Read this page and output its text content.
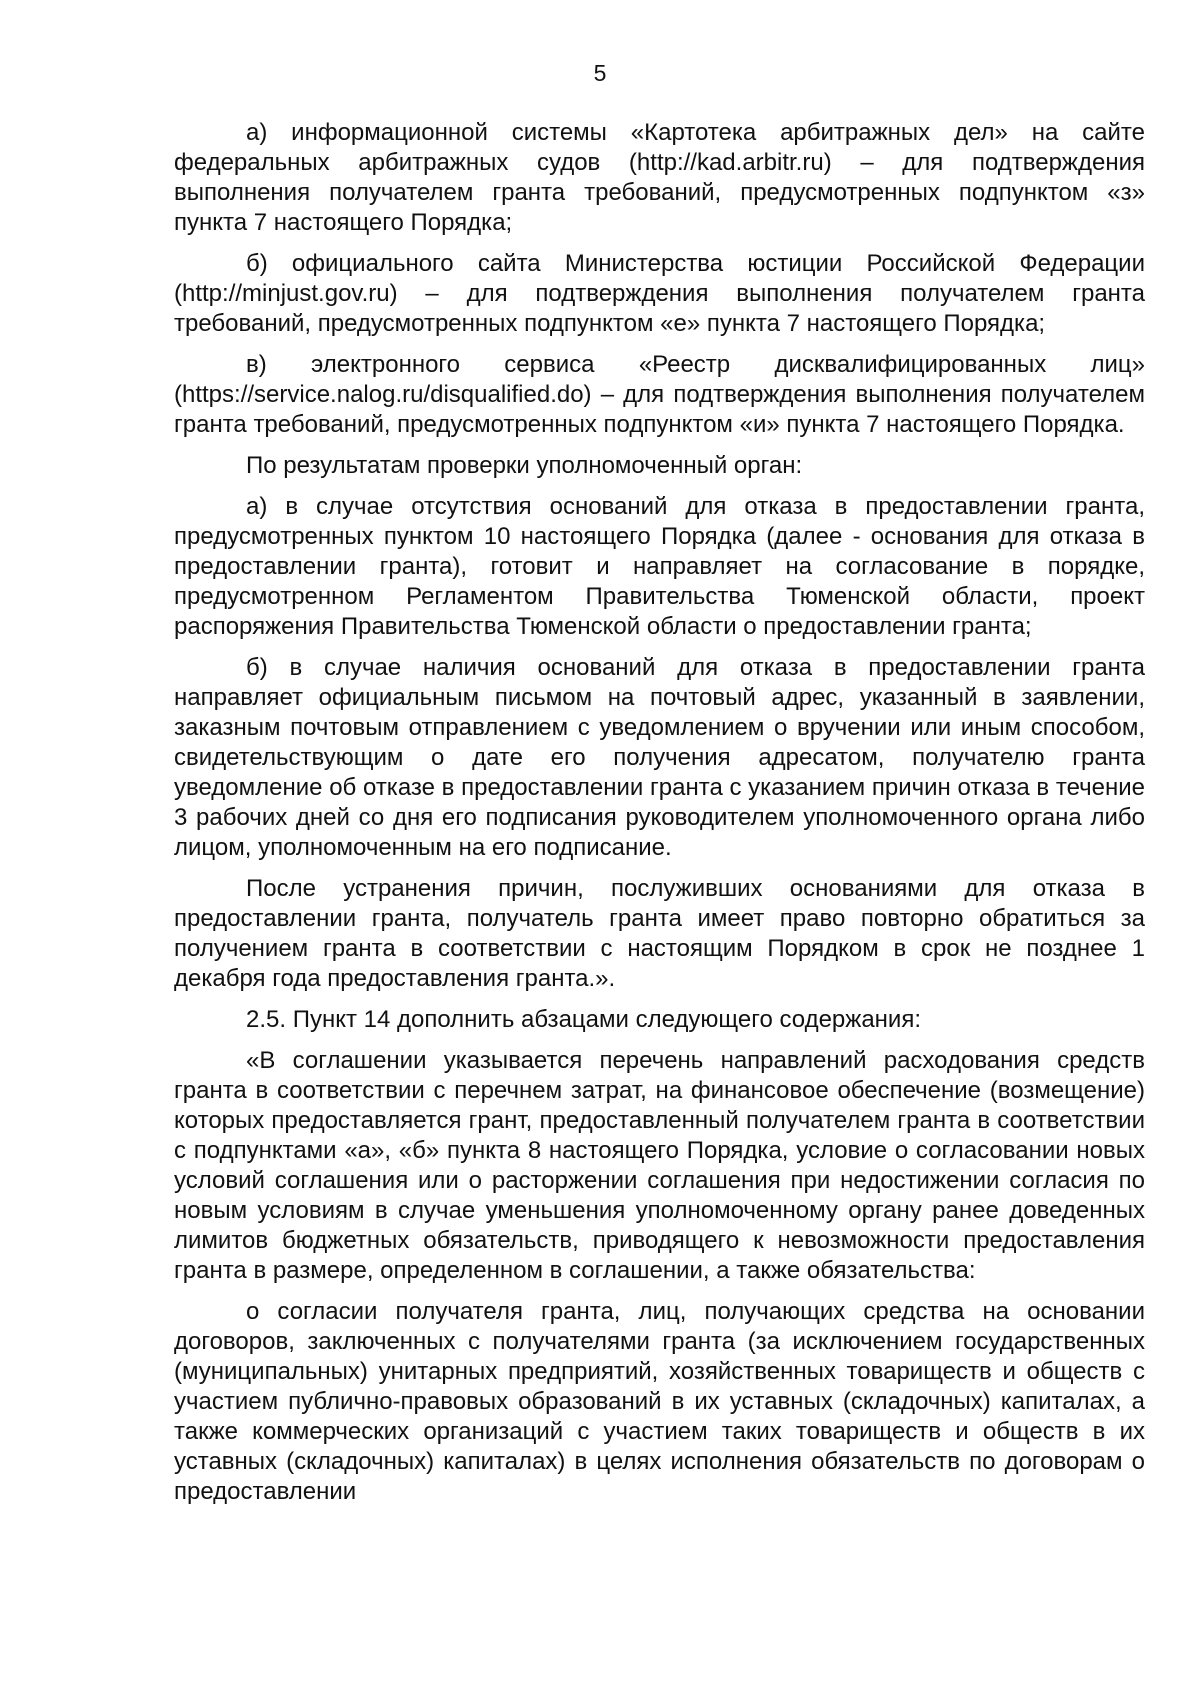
5

а) информационной системы «Картотека арбитражных дел» на сайте федеральных арбитражных судов (http://kad.arbitr.ru) – для подтверждения выполнения получателем гранта требований, предусмотренных подпунктом «з» пункта 7 настоящего Порядка;

б) официального сайта Министерства юстиции Российской Федерации (http://minjust.gov.ru) – для подтверждения выполнения получателем гранта требований, предусмотренных подпунктом «е» пункта 7 настоящего Порядка;

в) электронного сервиса «Реестр дисквалифицированных лиц» (https://service.nalog.ru/disqualified.do) – для подтверждения выполнения получателем гранта требований, предусмотренных подпунктом «и» пункта 7 настоящего Порядка.

По результатам проверки уполномоченный орган:

а) в случае отсутствия оснований для отказа в предоставлении гранта, предусмотренных пунктом 10 настоящего Порядка (далее - основания для отказа в предоставлении гранта), готовит и направляет на согласование в порядке, предусмотренном Регламентом Правительства Тюменской области, проект распоряжения Правительства Тюменской области о предоставлении гранта;

б) в случае наличия оснований для отказа в предоставлении гранта направляет официальным письмом на почтовый адрес, указанный в заявлении, заказным почтовым отправлением с уведомлением о вручении или иным способом, свидетельствующим о дате его получения адресатом, получателю гранта уведомление об отказе в предоставлении гранта с указанием причин отказа в течение 3 рабочих дней со дня его подписания руководителем уполномоченного органа либо лицом, уполномоченным на его подписание.

После устранения причин, послуживших основаниями для отказа в предоставлении гранта, получатель гранта имеет право повторно обратиться за получением гранта в соответствии с настоящим Порядком в срок не позднее 1 декабря года предоставления гранта.».

2.5. Пункт 14 дополнить абзацами следующего содержания:

«В соглашении указывается перечень направлений расходования средств гранта в соответствии с перечнем затрат, на финансовое обеспечение (возмещение) которых предоставляется грант, предоставленный получателем гранта в соответствии с подпунктами «а», «б» пункта 8 настоящего Порядка, условие о согласовании новых условий соглашения или о расторжении соглашения при недостижении согласия по новым условиям в случае уменьшения уполномоченному органу ранее доведенных лимитов бюджетных обязательств, приводящего к невозможности предоставления гранта в размере, определенном в соглашении, а также обязательства:

о согласии получателя гранта, лиц, получающих средства на основании договоров, заключенных с получателями гранта (за исключением государственных (муниципальных) унитарных предприятий, хозяйственных товариществ и обществ с участием публично-правовых образований в их уставных (складочных) капиталах, а также коммерческих организаций с участием таких товариществ и обществ в их уставных (складочных) капиталах) в целях исполнения обязательств по договорам о предоставлении
